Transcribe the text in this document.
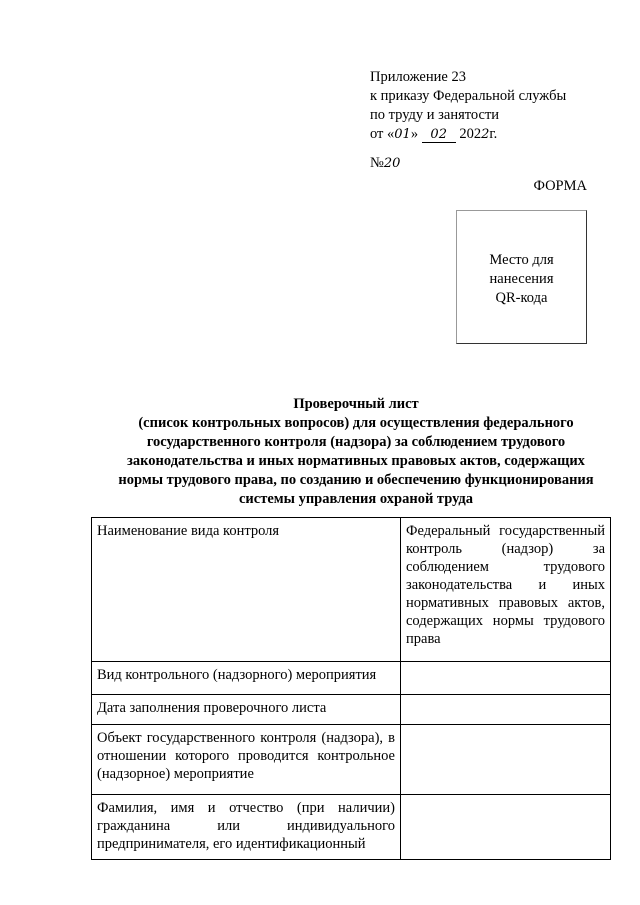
Приложение 23
к приказу Федеральной службы
по труду и занятости
от «01» 02 2022г.
№20
ФОРМА
Место для
нанесения
QR-кода
Проверочный лист
(список контрольных вопросов) для осуществления федерального
государственного контроля (надзора) за соблюдением трудового
законодательства и иных нормативных правовых актов, содержащих
нормы трудового права, по созданию и обеспечению функционирования
системы управления охраной труда
Наименование вида контроля	Федеральный государственный контроль (надзор) за соблюдением трудового законодательства и иных нормативных правовых актов, содержащих нормы трудового права
Вид контрольного (надзорного) мероприятия	
Дата заполнения проверочного листа	
Объект государственного контроля (надзора), в отношении которого проводится контрольное (надзорное) мероприятие	
Фамилия, имя и отчество (при наличии) гражданина или индивидуального предпринимателя, его идентификационный	
